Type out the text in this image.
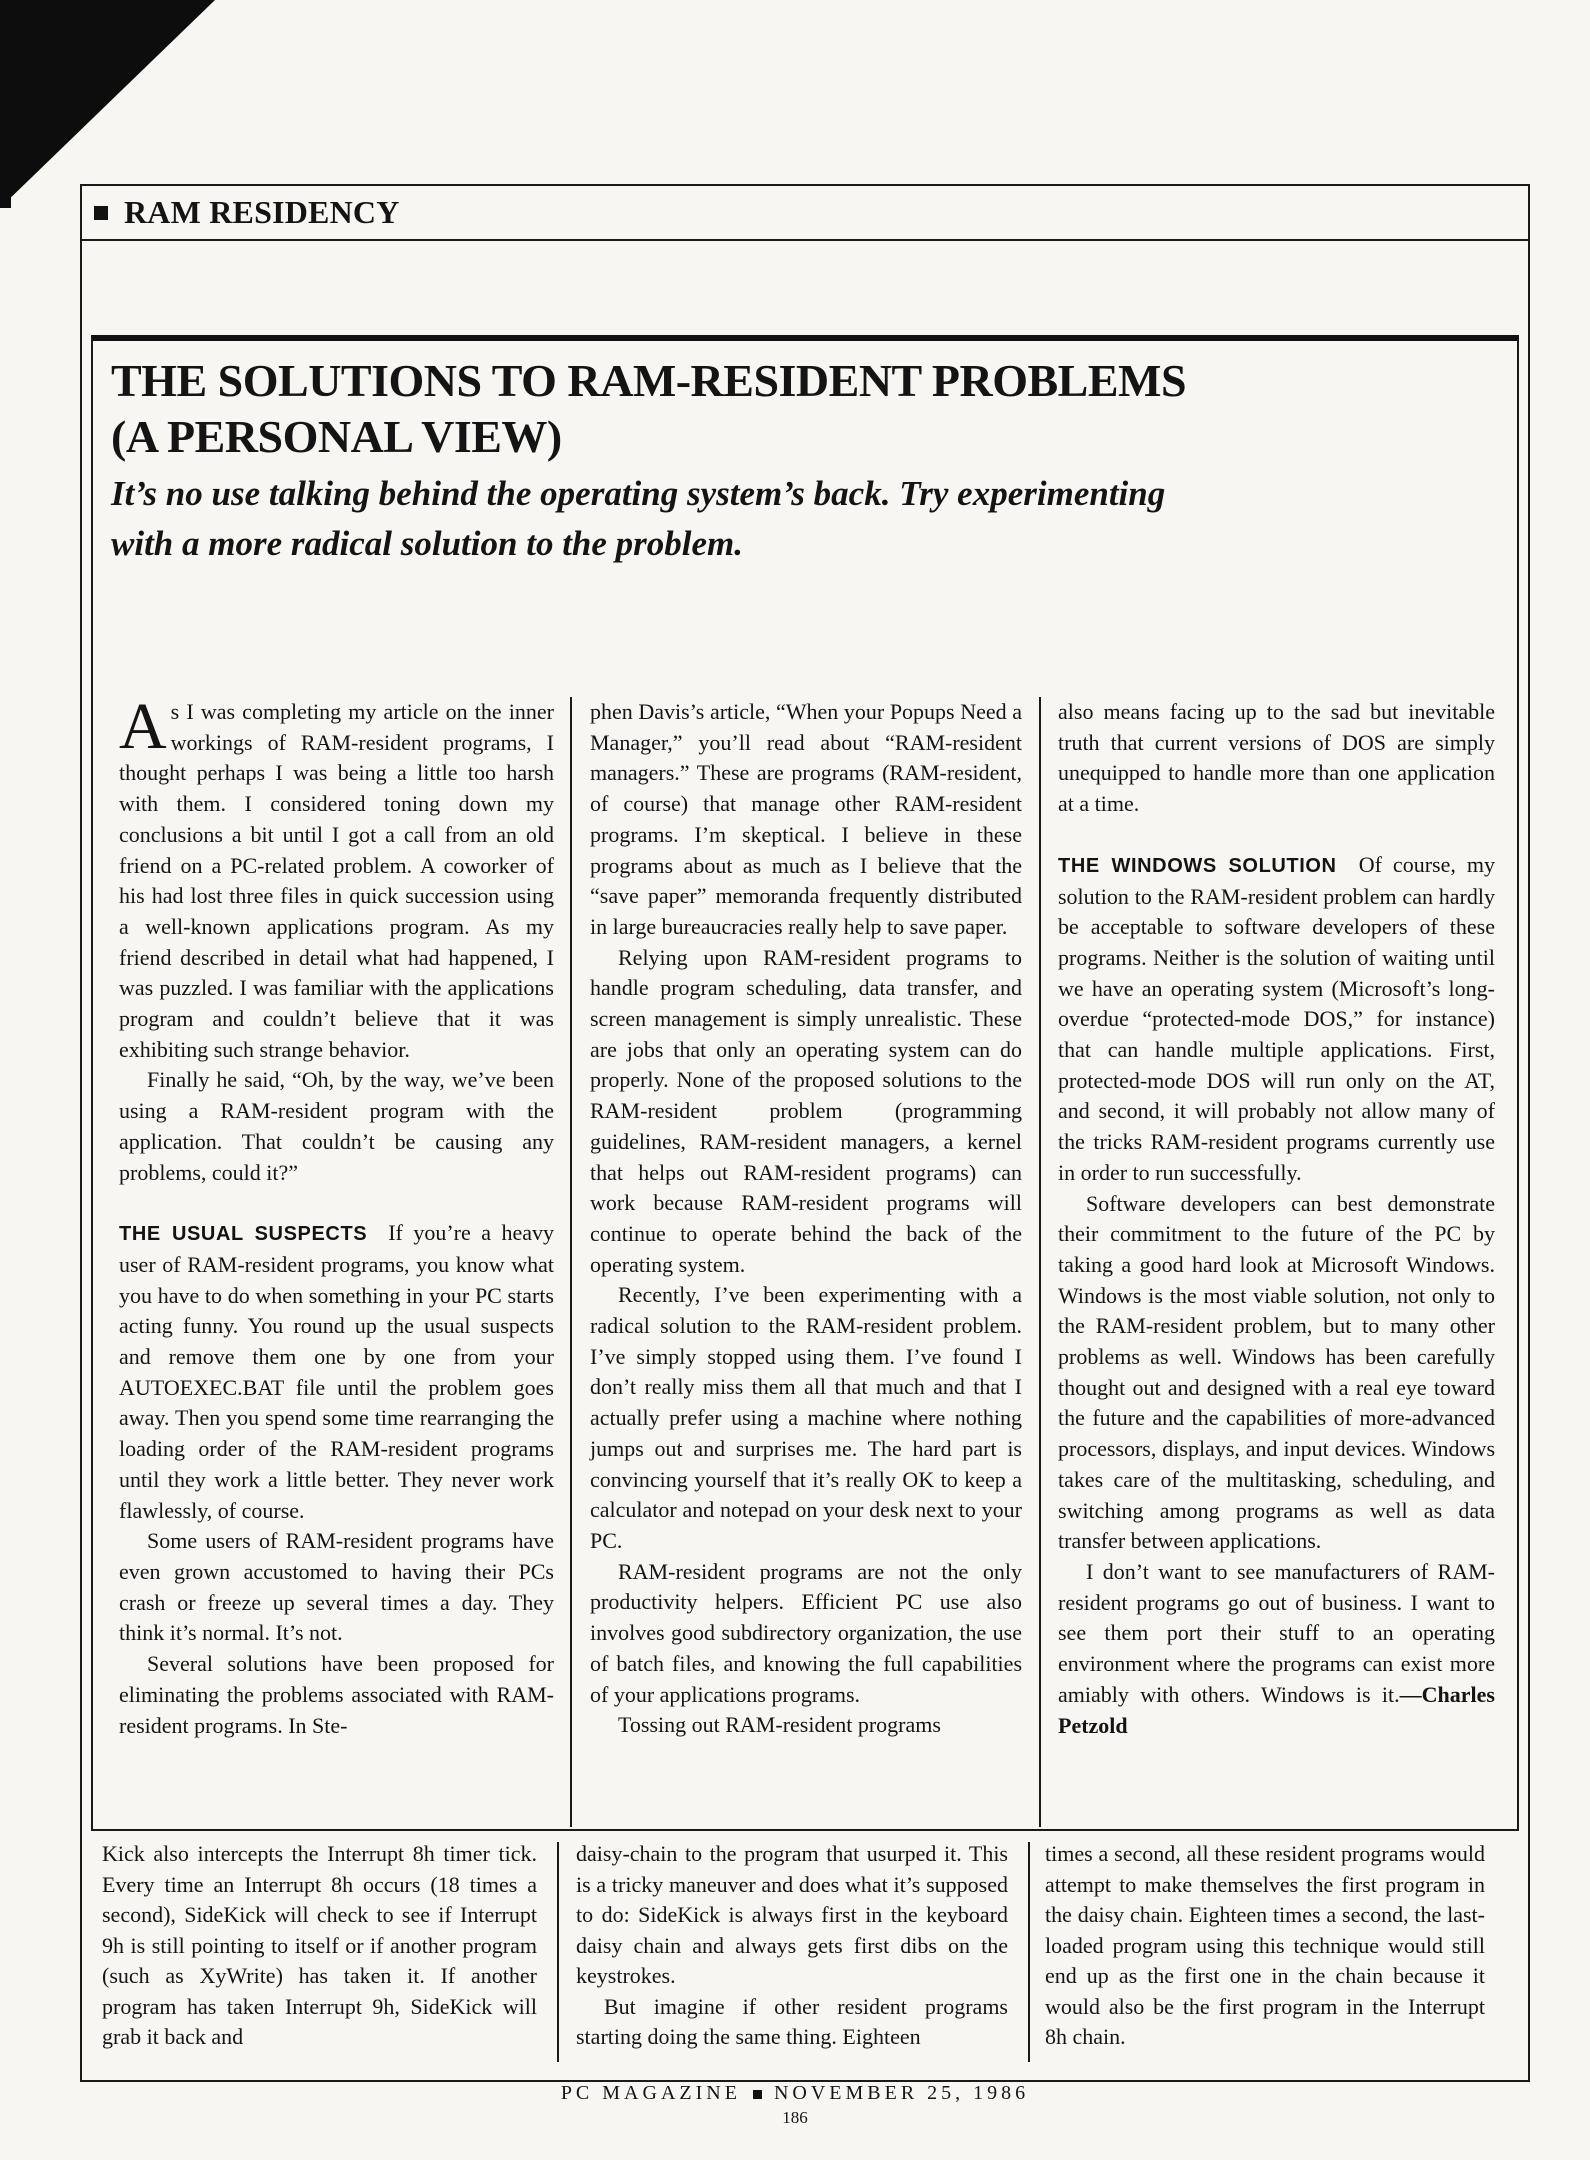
RAM RESIDENCY
THE SOLUTIONS TO RAM-RESIDENT PROBLEMS
(A PERSONAL VIEW)

It’s no use talking behind the operating system’s back. Try experimenting
with a more radical solution to the problem.

As I was completing my article on the inner workings of RAM-resident programs, I thought perhaps I was being a little too harsh with them. I considered toning down my conclusions a bit until I got a call from an old friend on a PC-related problem. A coworker of his had lost three files in quick succession using a well-known applications program. As my friend described in detail what had happened, I was puzzled. I was familiar with the applications program and couldn’t believe that it was exhibiting such strange behavior.

Finally he said, “Oh, by the way, we’ve been using a RAM-resident program with the application. That couldn’t be causing any problems, could it?”

THE USUAL SUSPECTS If you’re a heavy user of RAM-resident programs, you know what you have to do when something in your PC starts acting funny. You round up the usual suspects and remove them one by one from your AUTOEXEC.BAT file until the problem goes away. Then you spend some time rearranging the loading order of the RAM-resident programs until they work a little better. They never work flawlessly, of course.

Some users of RAM-resident programs have even grown accustomed to having their PCs crash or freeze up several times a day. They think it’s normal. It’s not.

Several solutions have been proposed for eliminating the problems associated with RAM-resident programs. In Ste-

phen Davis’s article, “When your Popups Need a Manager,” you’ll read about “RAM-resident managers.” These are programs (RAM-resident, of course) that manage other RAM-resident programs. I’m skeptical. I believe in these programs about as much as I believe that the “save paper” memoranda frequently distributed in large bureaucracies really help to save paper.

Relying upon RAM-resident programs to handle program scheduling, data transfer, and screen management is simply unrealistic. These are jobs that only an operating system can do properly. None of the proposed solutions to the RAM-resident problem (programming guidelines, RAM-resident managers, a kernel that helps out RAM-resident programs) can work because RAM-resident programs will continue to operate behind the back of the operating system.

Recently, I’ve been experimenting with a radical solution to the RAM-resident problem. I’ve simply stopped using them. I’ve found I don’t really miss them all that much and that I actually prefer using a machine where nothing jumps out and surprises me. The hard part is convincing yourself that it’s really OK to keep a calculator and notepad on your desk next to your PC.

RAM-resident programs are not the only productivity helpers. Efficient PC use also involves good subdirectory organization, the use of batch files, and knowing the full capabilities of your applications programs.

Tossing out RAM-resident programs

also means facing up to the sad but inevitable truth that current versions of DOS are simply unequipped to handle more than one application at a time.

THE WINDOWS SOLUTION Of course, my solution to the RAM-resident problem can hardly be acceptable to software developers of these programs. Neither is the solution of waiting until we have an operating system (Microsoft’s long-overdue “protected-mode DOS,” for instance) that can handle multiple applications. First, protected-mode DOS will run only on the AT, and second, it will probably not allow many of the tricks RAM-resident programs currently use in order to run successfully.

Software developers can best demonstrate their commitment to the future of the PC by taking a good hard look at Microsoft Windows. Windows is the most viable solution, not only to the RAM-resident problem, but to many other problems as well. Windows has been carefully thought out and designed with a real eye toward the future and the capabilities of more-advanced processors, displays, and input devices. Windows takes care of the multitasking, scheduling, and switching among programs as well as data transfer between applications.

I don’t want to see manufacturers of RAM-resident programs go out of business. I want to see them port their stuff to an operating environment where the programs can exist more amiably with others. Windows is it.—Charles Petzold

Kick also intercepts the Interrupt 8h timer tick. Every time an Interrupt 8h occurs (18 times a second), SideKick will check to see if Interrupt 9h is still pointing to itself or if another program (such as XyWrite) has taken it. If another program has taken Interrupt 9h, SideKick will grab it back and

daisy-chain to the program that usurped it. This is a tricky maneuver and does what it’s supposed to do: SideKick is always first in the keyboard daisy chain and always gets first dibs on the keystrokes.

But imagine if other resident programs starting doing the same thing. Eighteen

times a second, all these resident programs would attempt to make themselves the first program in the daisy chain. Eighteen times a second, the last-loaded program using this technique would still end up as the first one in the chain because it would also be the first program in the Interrupt 8h chain.

PC MAGAZINE NOVEMBER 25, 1986
186
